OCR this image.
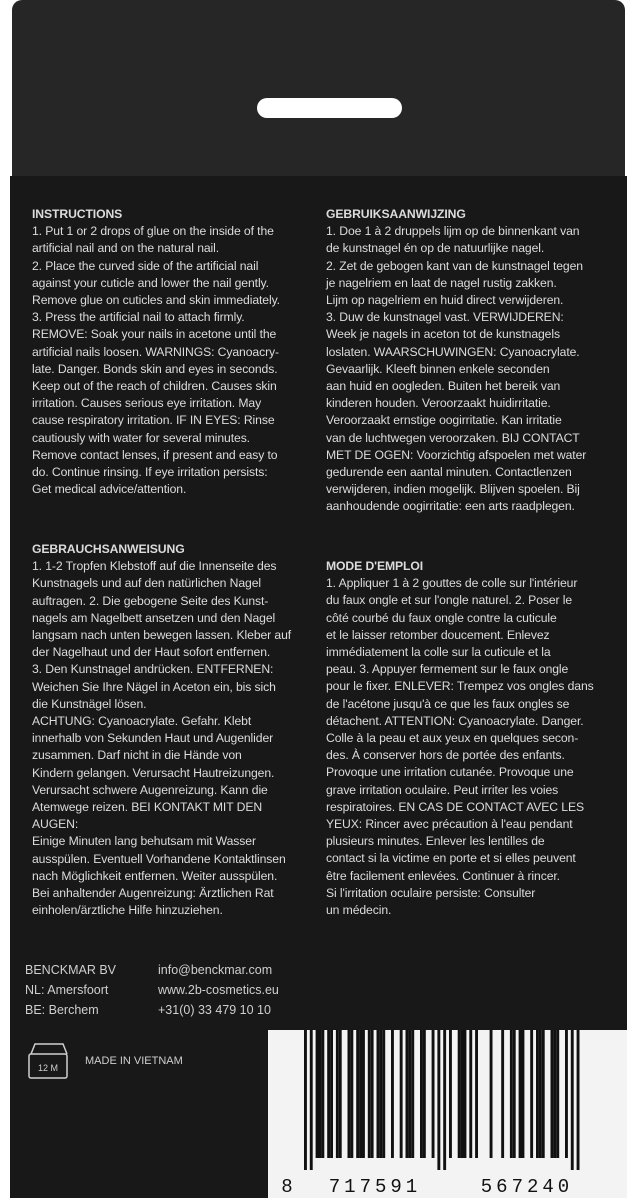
INSTRUCTIONS

1. Put 1 or 2 drops of glue on the inside of the
artificial nail and on the natural nail.
2. Place the curved side of the artificial nail
against your cuticle and lower the nail gently.
Remove glue on cuticles and skin immediately.
3. Press the artificial nail to attach firmly.
REMOVE: Soak your nails in acetone until the
artificial nails loosen. WARNINGS: Cyanoacry-
late. Danger. Bonds skin and eyes in seconds.
Keep out of the reach of children. Causes skin
irritation. Causes serious eye irritation. May
cause respiratory irritation. IF IN EYES: Rinse
cautiously with water for several minutes.
Remove contact lenses, if present and easy to
do. Continue rinsing. If eye irritation persists:
Get medical advice/attention.

GEBRUIKSAANWIJZING

1. Doe 1 à 2 druppels lijm op de binnenkant van
de kunstnagel én op de natuurlijke nagel.
2. Zet de gebogen kant van de kunstnagel tegen
je nagelriem en laat de nagel rustig zakken.
Lijm op nagelriem en huid direct verwijderen.
3. Duw de kunstnagel vast. VERWIJDEREN:
Week je nagels in aceton tot de kunstnagels
loslaten. WAARSCHUWINGEN: Cyanoacrylate.
Gevaarlijk. Kleeft binnen enkele seconden
aan huid en oogleden. Buiten het bereik van
kinderen houden. Veroorzaakt huidirritatie.
Veroorzaakt ernstige oogirritatie. Kan irritatie
van de luchtwegen veroorzaken. BIJ CONTACT
MET DE OGEN: Voorzichtig afspoelen met water
gedurende een aantal minuten. Contactlenzen
verwijderen, indien mogelijk. Blijven spoelen. Bij
aanhoudende oogirritatie: een arts raadplegen.

GEBRAUCHSANWEISUNG

1. 1-2 Tropfen Klebstoff auf die Innenseite des
Kunstnagels und auf den natürlichen Nagel
auftragen. 2. Die gebogene Seite des Kunst-
nagels am Nagelbett ansetzen und den Nagel
langsam nach unten bewegen lassen. Kleber auf
der Nagelhaut und der Haut sofort entfernen.
3. Den Kunstnagel andrücken. ENTFERNEN:
Weichen Sie Ihre Nägel in Aceton ein, bis sich
die Kunstnägel lösen.
ACHTUNG: Cyanoacrylate. Gefahr. Klebt
innerhalb von Sekunden Haut und Augenlider
zusammen. Darf nicht in die Hände von
Kindern gelangen. Verursacht Hautreizungen.
Verursacht schwere Augenreizung. Kann die
Atemwege reizen. BEI KONTAKT MIT DEN AUGEN:
Einige Minuten lang behutsam mit Wasser
ausspülen. Eventuell Vorhandene Kontaktlinsen
nach Möglichkeit entfernen. Weiter ausspülen.
Bei anhaltender Augenreizung: Ärztlichen Rat
einholen/ärztliche Hilfe hinzuziehen.

MODE D'EMPLOI

1. Appliquer 1 à 2 gouttes de colle sur l'intérieur
du faux ongle et sur l'ongle naturel. 2. Poser le
côté courbé du faux ongle contre la cuticule
et le laisser retomber doucement. Enlevez
immédiatement la colle sur la cuticule et la
peau. 3. Appuyer fermement sur le faux ongle
pour le fixer. ENLEVER: Trempez vos ongles dans
de l'acétone jusqu'à ce que les faux ongles se
détachent. ATTENTION: Cyanoacrylate. Danger.
Colle à la peau et aux yeux en quelques secon-
des. À conserver hors de portée des enfants.
Provoque une irritation cutanée. Provoque une
grave irritation oculaire. Peut irriter les voies
respiratoires. EN CAS DE CONTACT AVEC LES
YEUX: Rincer avec précaution à l'eau pendant
plusieurs minutes. Enlever les lentilles de
contact si la victime en porte et si elles peuvent
être facilement enlevées. Continuer à rincer.
Si l'irritation oculaire persiste: Consulter
un médecin.

BENCKMAR BV	info@benckmar.com
NL: Amersfoort	www.2b-cosmetics.eu
BE: Berchem	+31(0) 33 479 10 10
12 M
MADE IN VIETNAM
8	717591	567240
